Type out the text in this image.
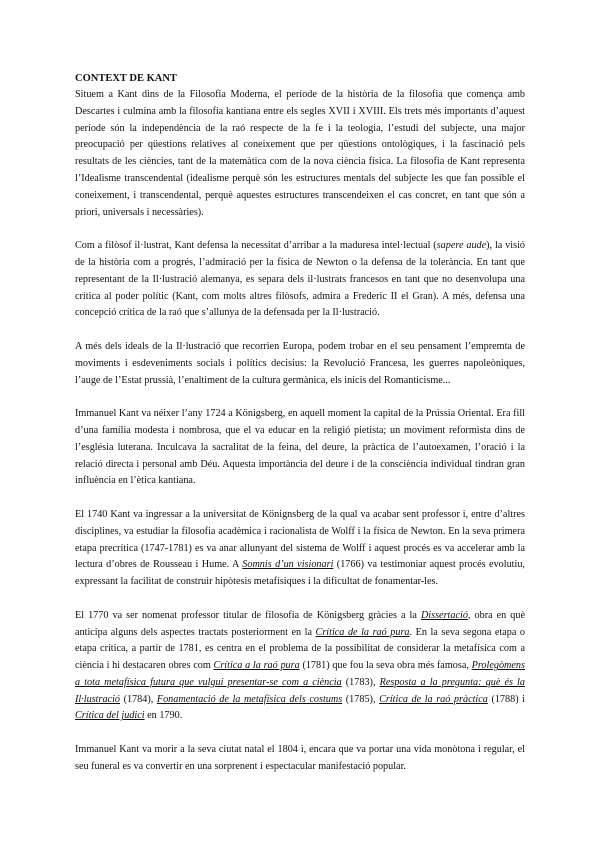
CONTEXT DE KANT

Situem a Kant dins de la Filosofia Moderna, el període de la història de la filosofia que comença amb Descartes i culmina amb la filosofia kantiana entre els segles XVII i XVIII. Els trets més importants d’aquest període són la independència de la raó respecte de la fe i la teologia, l’estudi del subjecte, una major preocupació per qüestions relatives al coneixement que per qüestions ontològiques, i la fascinació pels resultats de les ciències, tant de la matemàtica com de la nova ciència física. La filosofia de Kant representa l’Idealisme transcendental (idealisme perquè són les estructures mentals del subjecte les que fan possible el coneixement, i transcendental, perquè aquestes estructures transcendeixen el cas concret, en tant que són a priori, universals i necessàries).

Com a filòsof il·lustrat, Kant defensa la necessitat d’arribar a la maduresa intel·lectual (sapere aude), la visió de la història com a progrés, l’admiració per la física de Newton o la defensa de la tolerància. En tant que representant de la Il·lustració alemanya, es separa dels il·lustrats francesos en tant que no desenvolupa una crítica al poder polític (Kant, com molts altres filòsofs, admira a Frederic II el Gran). A més, defensa una concepció crítica de la raó que s’allunya de la defensada per la Il·lustració.

A més dels ideals de la Il·lustració que recorrien Europa, podem trobar en el seu pensament l’empremta de moviments i esdeveniments socials i polítics decisius: la Revolució Francesa, les guerres napoleòniques, l’auge de l’Estat prussià, l’enaltiment de la cultura germànica, els inicis del Romanticisme...

Immanuel Kant va néixer l’any 1724 a Königsberg, en aquell moment la capital de la Prússia Oriental. Era fill d’una família modesta i nombrosa, que el va educar en la religió pietista; un moviment reformista dins de l’església luterana. Inculcava la sacralitat de la feina, del deure, la pràctica de l’autoexamen, l’oració i la relació directa i personal amb Déu. Aquesta importància del deure i de la consciència individual tindran gran influència en l’ètica kantiana.

El 1740 Kant va ingressar a la universitat de Könignsberg de la qual va acabar sent professor i, entre d’altres disciplines, va estudiar la filosofia acadèmica i racionalista de Wolff i la física de Newton. En la seva primera etapa precrítica (1747-1781) es va anar allunyant del sistema de Wolff i aquest procés es va accelerar amb la lectura d’obres de Rousseau i Hume. A Somnis d’un visionari (1766) va testimoniar aquest procés evolutiu, expressant la facilitat de construir hipòtesis metafísiques i la dificultat de fonamentar-les.

El 1770 va ser nomenat professor titular de filosofia de Königsberg gràcies a la Dissertació, obra en què anticipa alguns dels aspectes tractats posteriorment en la Crítica de la raó pura. En la seva segona etapa o etapa crítica, a partir de 1781, es centra en el problema de la possibilitat de considerar la metafísica com a ciència i hi destacaren obres com Crítica a la raó pura (1781) que fou la seva obra més famosa, Prolegòmens a tota metafísica futura que vulgui presentar-se com a ciència (1783), Resposta a la pregunta: què és la Il·lustració (1784), Fonamentació de la metafísica dels costums (1785), Crítica de la raó pràctica (1788) i Crítica del judici en 1790.

Immanuel Kant va morir a la seva ciutat natal el 1804 i, encara que va portar una vida monòtona i regular, el seu funeral es va convertir en una sorprenent i espectacular manifestació popular.
